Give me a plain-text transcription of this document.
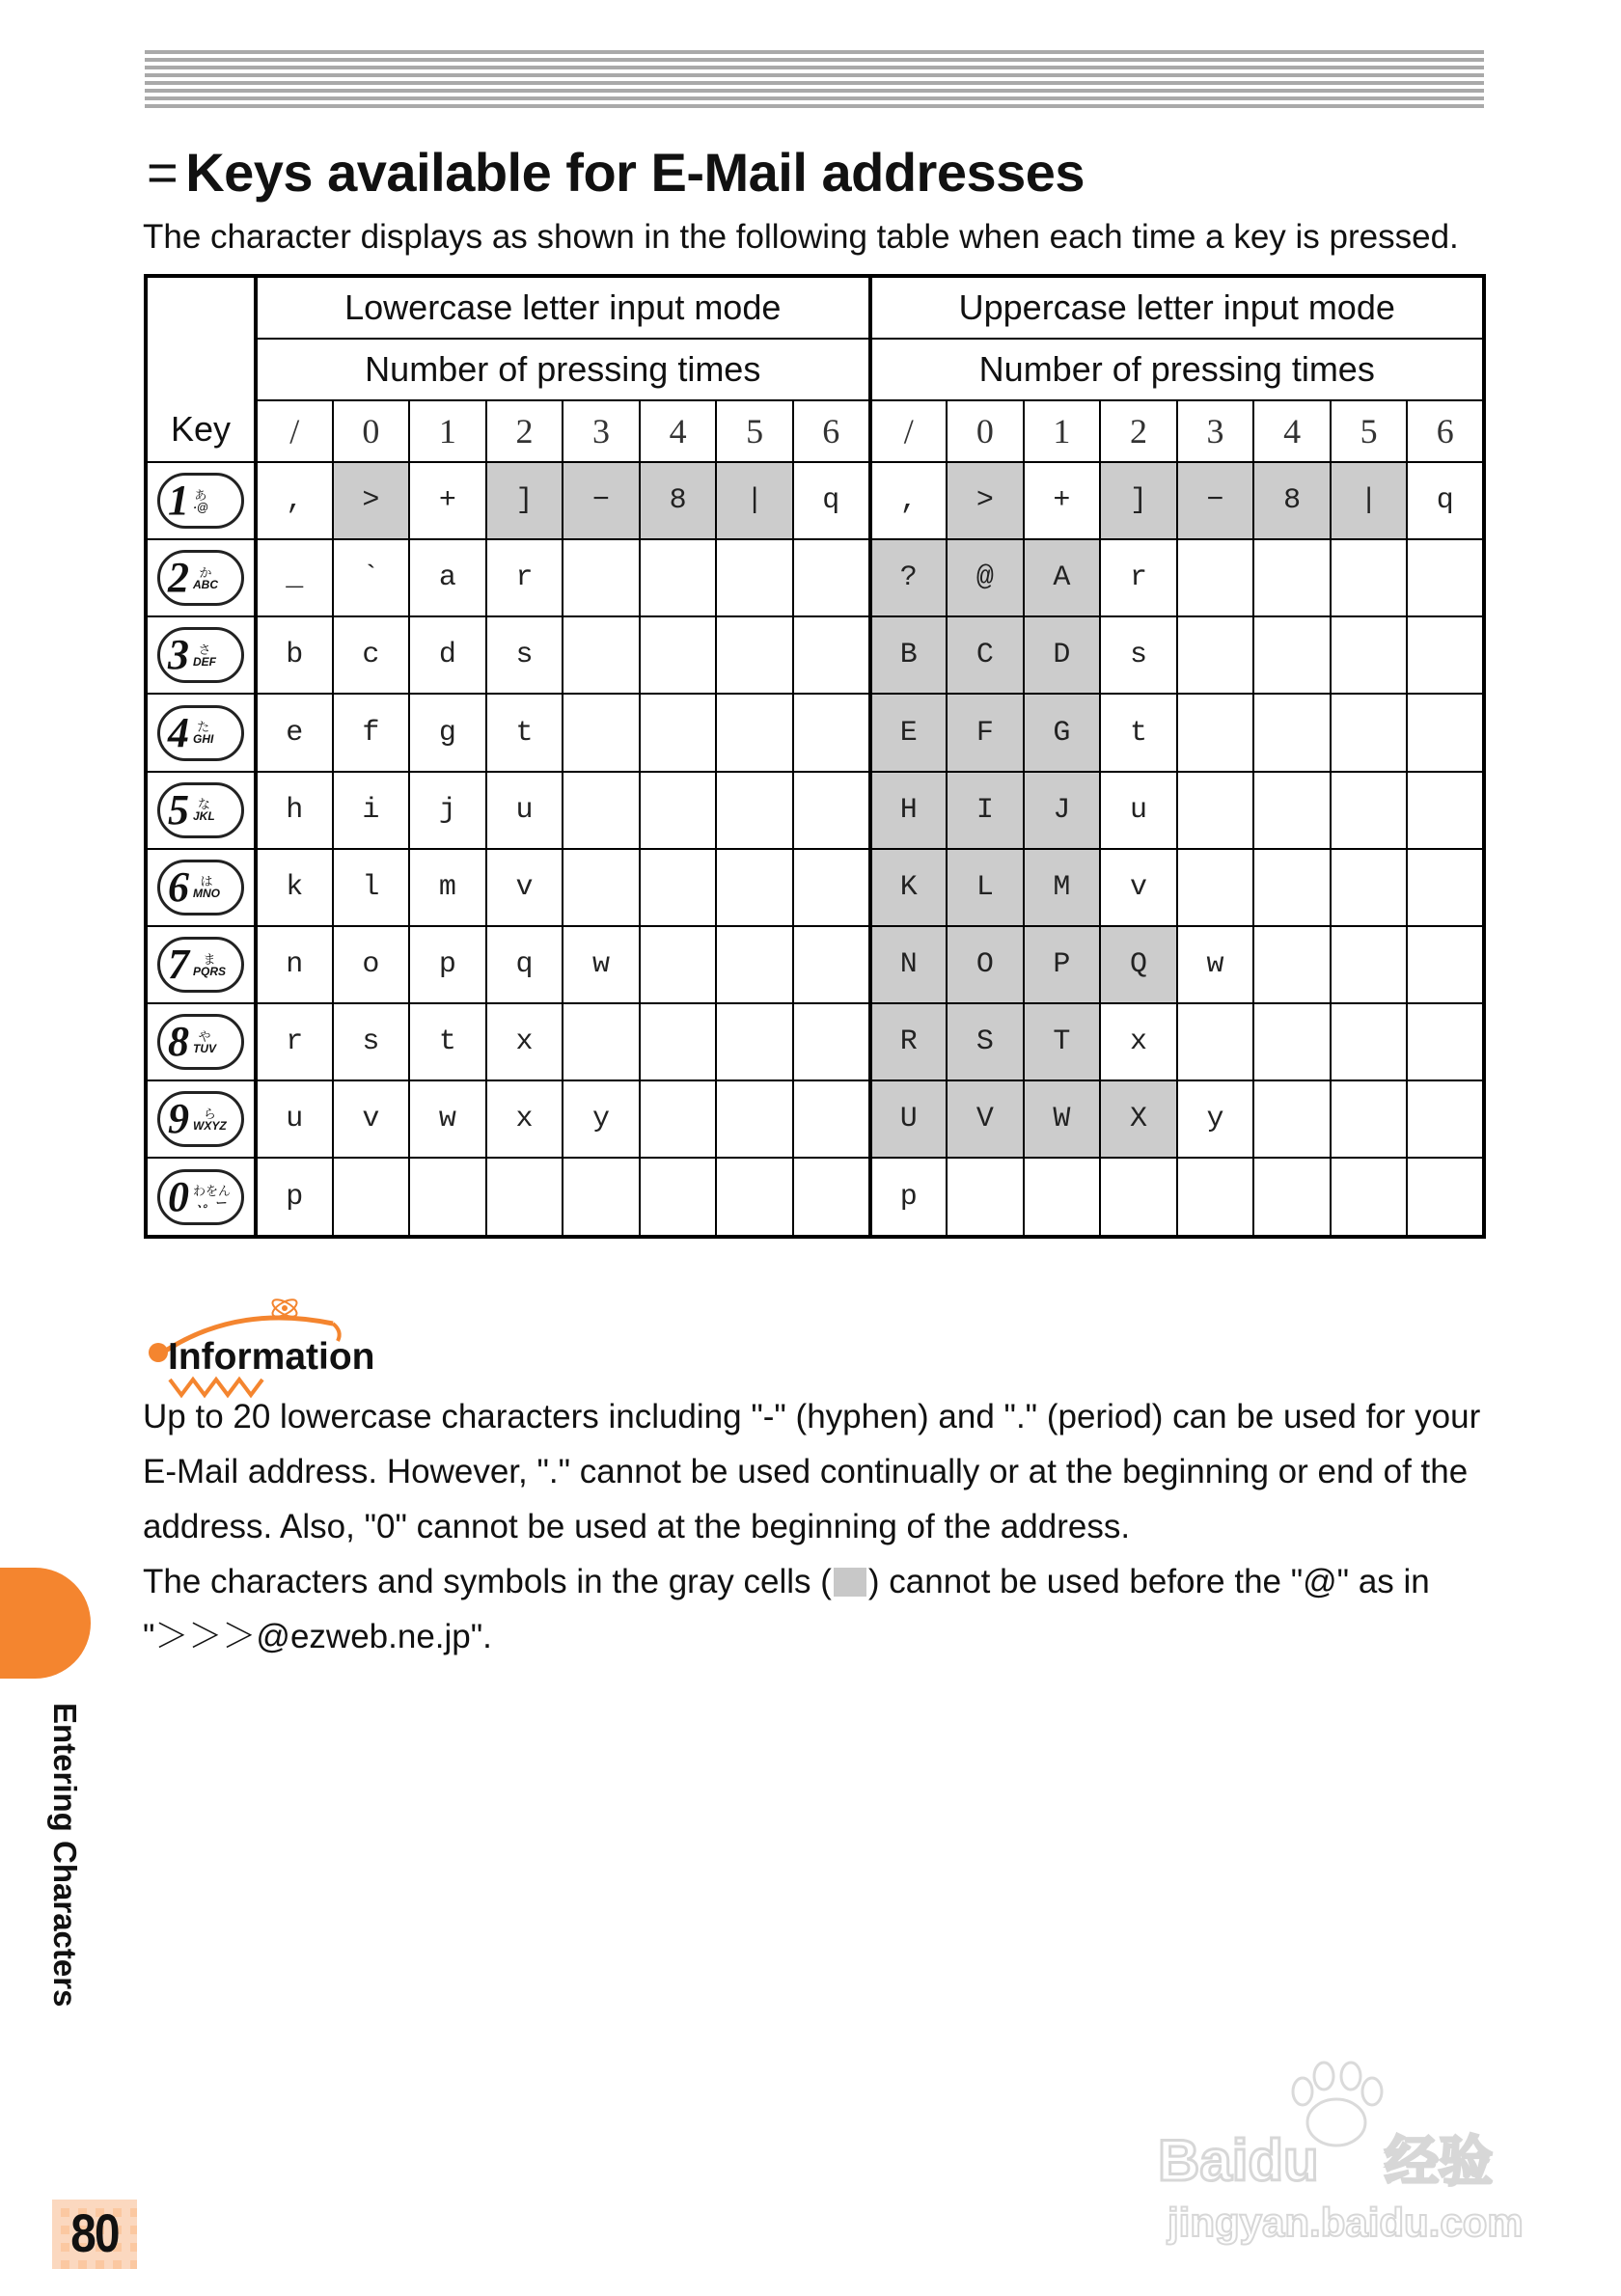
= Keys available for E-Mail addresses
The character displays as shown in the following table when each time a key is pressed.
Key	Lowercase letter input mode								Uppercase letter input mode							
	Number of pressing times								Number of pressing times							
	/	0	1	2	3	4	5	6	/	0	1	2	3	4	5	6

1 あ
·@	,	>	+	]	−	8	|	q	,	>	+	]	−	8	|	q

2 か
ABC	_	`	a	r					?	@	A	r				

3 さ
DEF	b	c	d	s					B	C	D	s				

4 た
GHI	e	f	g	t					E	F	G	t				

5 な
JKL	h	i	j	u					H	I	J	u				

6 は
MNO	k	l	m	v					K	L	M	v				

7 ま
PQRS	n	o	p	q	w				N	O	P	Q	w			

8 や
TUV	r	s	t	x					R	S	T	x				

9 ら
WXYZ	u	v	w	x	y				U	V	W	X	y			

0 わをん
、。ー	p								p							
Information

Up to 20 lowercase characters including "-" (hyphen) and "." (period) can be used for your

E-Mail address. However, "." cannot be used continually or at the beginning or end of the

address. Also, "0" cannot be used at the beginning of the address.

The characters and symbols in the gray cells ( ) cannot be used before the "@" as in

"＞＞＞@ezweb.ne.jp".

Entering Characters
80
Baidu 经验
jingyan.baidu.com
